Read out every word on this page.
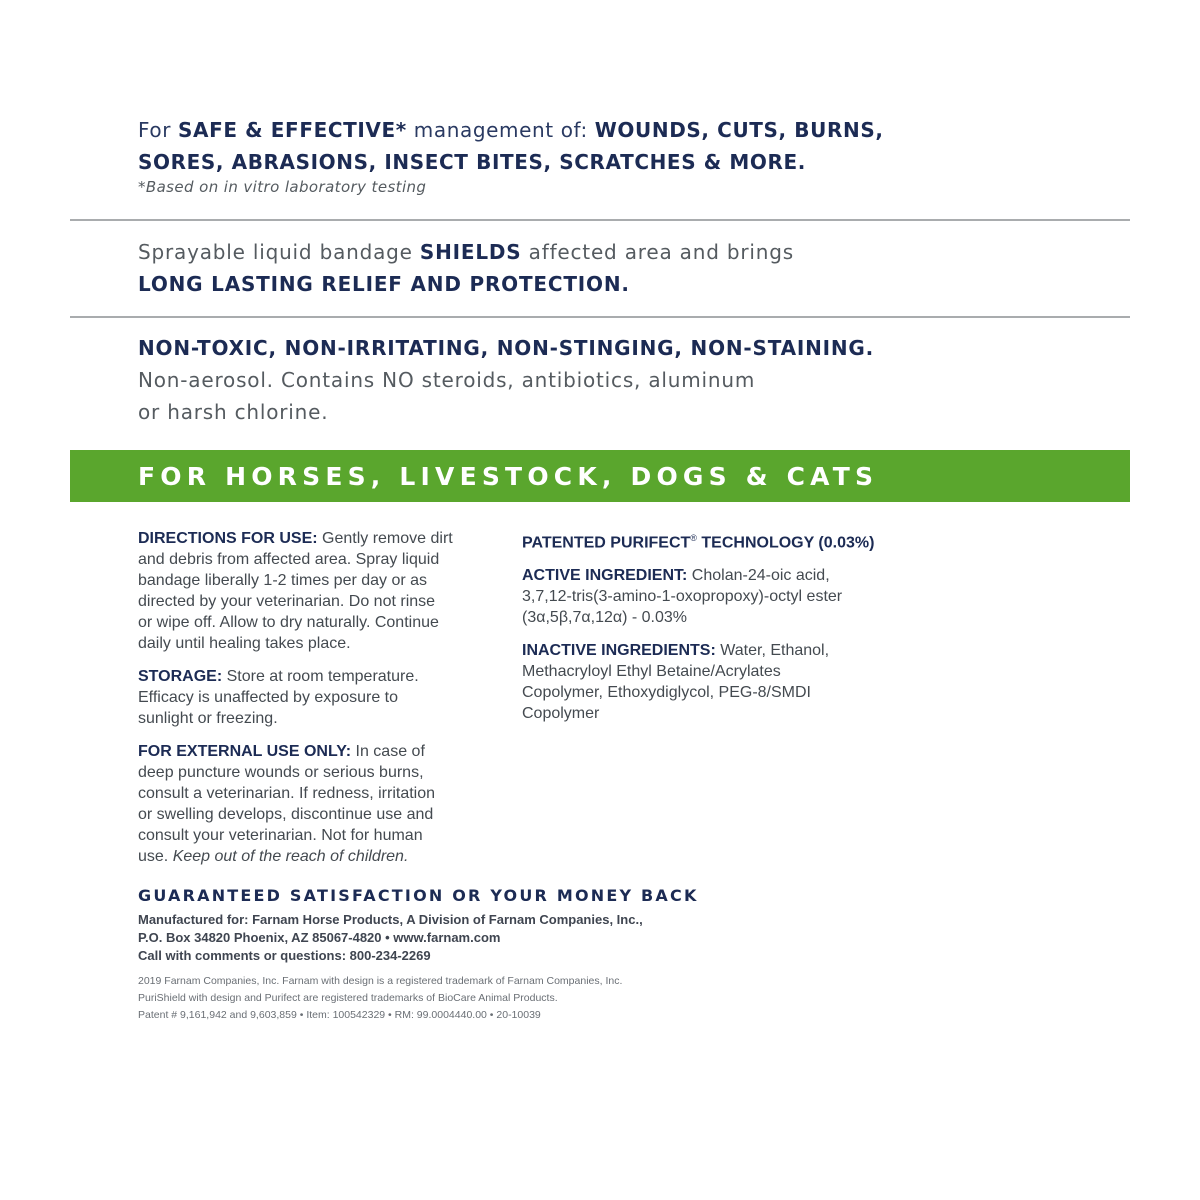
For SAFE & EFFECTIVE* management of: WOUNDS, CUTS, BURNS,
SORES, ABRASIONS, INSECT BITES, SCRATCHES & MORE.
*Based on in vitro laboratory testing
Sprayable liquid bandage SHIELDS affected area and brings
LONG LASTING RELIEF AND PROTECTION.
NON-TOXIC, NON-IRRITATING, NON-STINGING, NON-STAINING.
Non-aerosol. Contains NO steroids, antibiotics, aluminum
or harsh chlorine.
FOR HORSES, LIVESTOCK, DOGS & CATS
DIRECTIONS FOR USE: Gently remove dirt
and debris from affected area. Spray liquid
bandage liberally 1-2 times per day or as
directed by your veterinarian. Do not rinse
or wipe off. Allow to dry naturally. Continue
daily until healing takes place.
STORAGE: Store at room temperature.
Efficacy is unaffected by exposure to
sunlight or freezing.
FOR EXTERNAL USE ONLY: In case of
deep puncture wounds or serious burns,
consult a veterinarian. If redness, irritation
or swelling develops, discontinue use and
consult your veterinarian. Not for human
use. Keep out of the reach of children.
PATENTED PURIFECT® TECHNOLOGY (0.03%)
ACTIVE INGREDIENT: Cholan-24-oic acid,
3,7,12-tris(3-amino-1-oxopropoxy)-octyl ester
(3α,5β,7α,12α) - 0.03%
INACTIVE INGREDIENTS: Water, Ethanol,
Methacryloyl Ethyl Betaine/Acrylates
Copolymer, Ethoxydiglycol, PEG-8/SMDI
Copolymer
GUARANTEED SATISFACTION OR YOUR MONEY BACK
Manufactured for: Farnam Horse Products, A Division of Farnam Companies, Inc.,
P.O. Box 34820 Phoenix, AZ 85067-4820 • www.farnam.com
Call with comments or questions: 800-234-2269
2019 Farnam Companies, Inc. Farnam with design is a registered trademark of Farnam Companies, Inc.
PuriShield with design and Purifect are registered trademarks of BioCare Animal Products.
Patent # 9,161,942 and 9,603,859 • Item: 100542329 • RM: 99.0004440.00 • 20-10039
